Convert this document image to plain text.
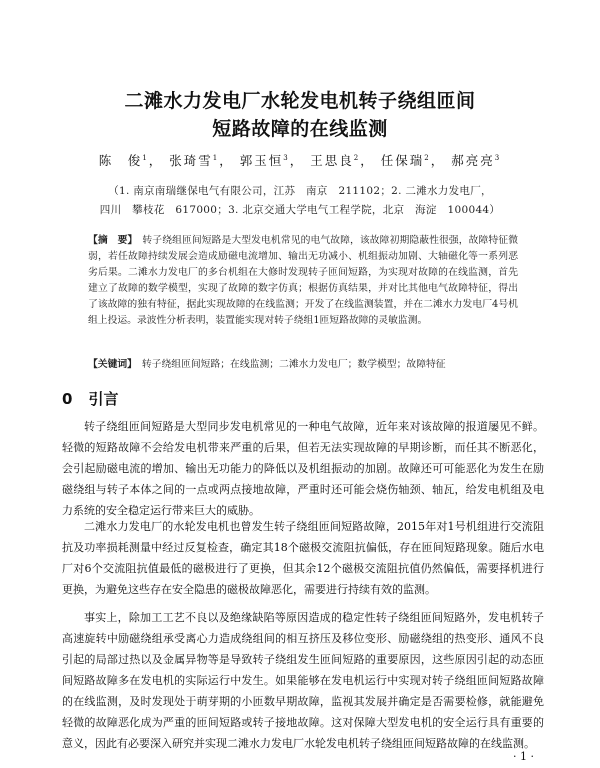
二滩水力发电厂水轮发电机转子绕组匝间
短路故障的在线监测
陈　俊$^1$， 张琦雪$^1$， 郭玉恒$^3$， 王思良$^2$， 任保瑞$^2$， 郝亮亮$^3$
（1. 南京南瑞继保电气有限公司，江苏　南京　211102；2. 二滩水力发电厂，
四川　攀枝花　617000；3. 北京交通大学电气工程学院，北京　海淀　100044）
【摘　要】　转子绕组匝间短路是大型发电机常见的电气故障，该故障初期隐蔽性很强，故障特征微弱，若任故障持续发展会造成励磁电流增加、输出无功减小、机组振动加剧、大轴磁化等一系列恶劣后果。二滩水力发电厂的多台机组在大修时发现转子匝间短路，为实现对故障的在线监测，首先建立了故障的数学模型，实现了故障的数字仿真；根据仿真结果，并对比其他电气故障特征，得出了该故障的独有特征，据此实现故障的在线监测；开发了在线监测装置，并在二滩水力发电厂4号机组上投运。录波性分析表明，装置能实现对转子绕组1匝短路故障的灵敏监测。
【关键词】　转子绕组匝间短路；在线监测；二滩水力发电厂；数学模型；故障特征
0 引言

转子绕组匝间短路是大型同步发电机常见的一种电气故障，近年来对该故障的报道屡见不鲜。轻微的短路故障不会给发电机带来严重的后果，但若无法实现故障的早期诊断，而任其不断恶化，会引起励磁电流的增加、输出无功能力的降低以及机组振动的加剧。故障还可可能恶化为发生在励磁绕组与转子本体之间的一点或两点接地故障，严重时还可能会烧伤轴颈、轴瓦，给发电机组及电力系统的安全稳定运行带来巨大的威胁。

二滩水力发电厂的水轮发电机也曾发生转子绕组匝间短路故障，2015年对1号机组进行交流阻抗及功率损耗测量中经过反复检查，确定其18个磁极交流阻抗偏低，存在匝间短路现象。随后水电厂对6个交流阻抗值最低的磁极进行了更换，但其余12个磁极交流阻抗值仍然偏低，需要择机进行更换，为避免这些存在安全隐患的磁极故障恶化，需要进行持续有效的监测。

事实上，除加工工艺不良以及绝缘缺陷等原因造成的稳定性转子绕组匝间短路外，发电机转子高速旋转中励磁绕组承受离心力造成绕组间的相互挤压及移位变形、励磁绕组的热变形、通风不良引起的局部过热以及金属异物等是导致转子绕组发生匝间短路的重要原因，这些原因引起的动态匝间短路故障多在发电机的实际运行中发生。如果能够在发电机运行中实现对转子绕组匝间短路故障的在线监测，及时发现处于萌芽期的小匝数早期故障，监视其发展并确定是否需要检修，就能避免轻微的故障恶化成为严重的匝间短路或转子接地故障。这对保障大型发电机的安全运行具有重要的意义，因此有必要深入研究并实现二滩水力发电厂水轮发电机转子绕组匝间短路故障的在线监测。

· 1 ·
